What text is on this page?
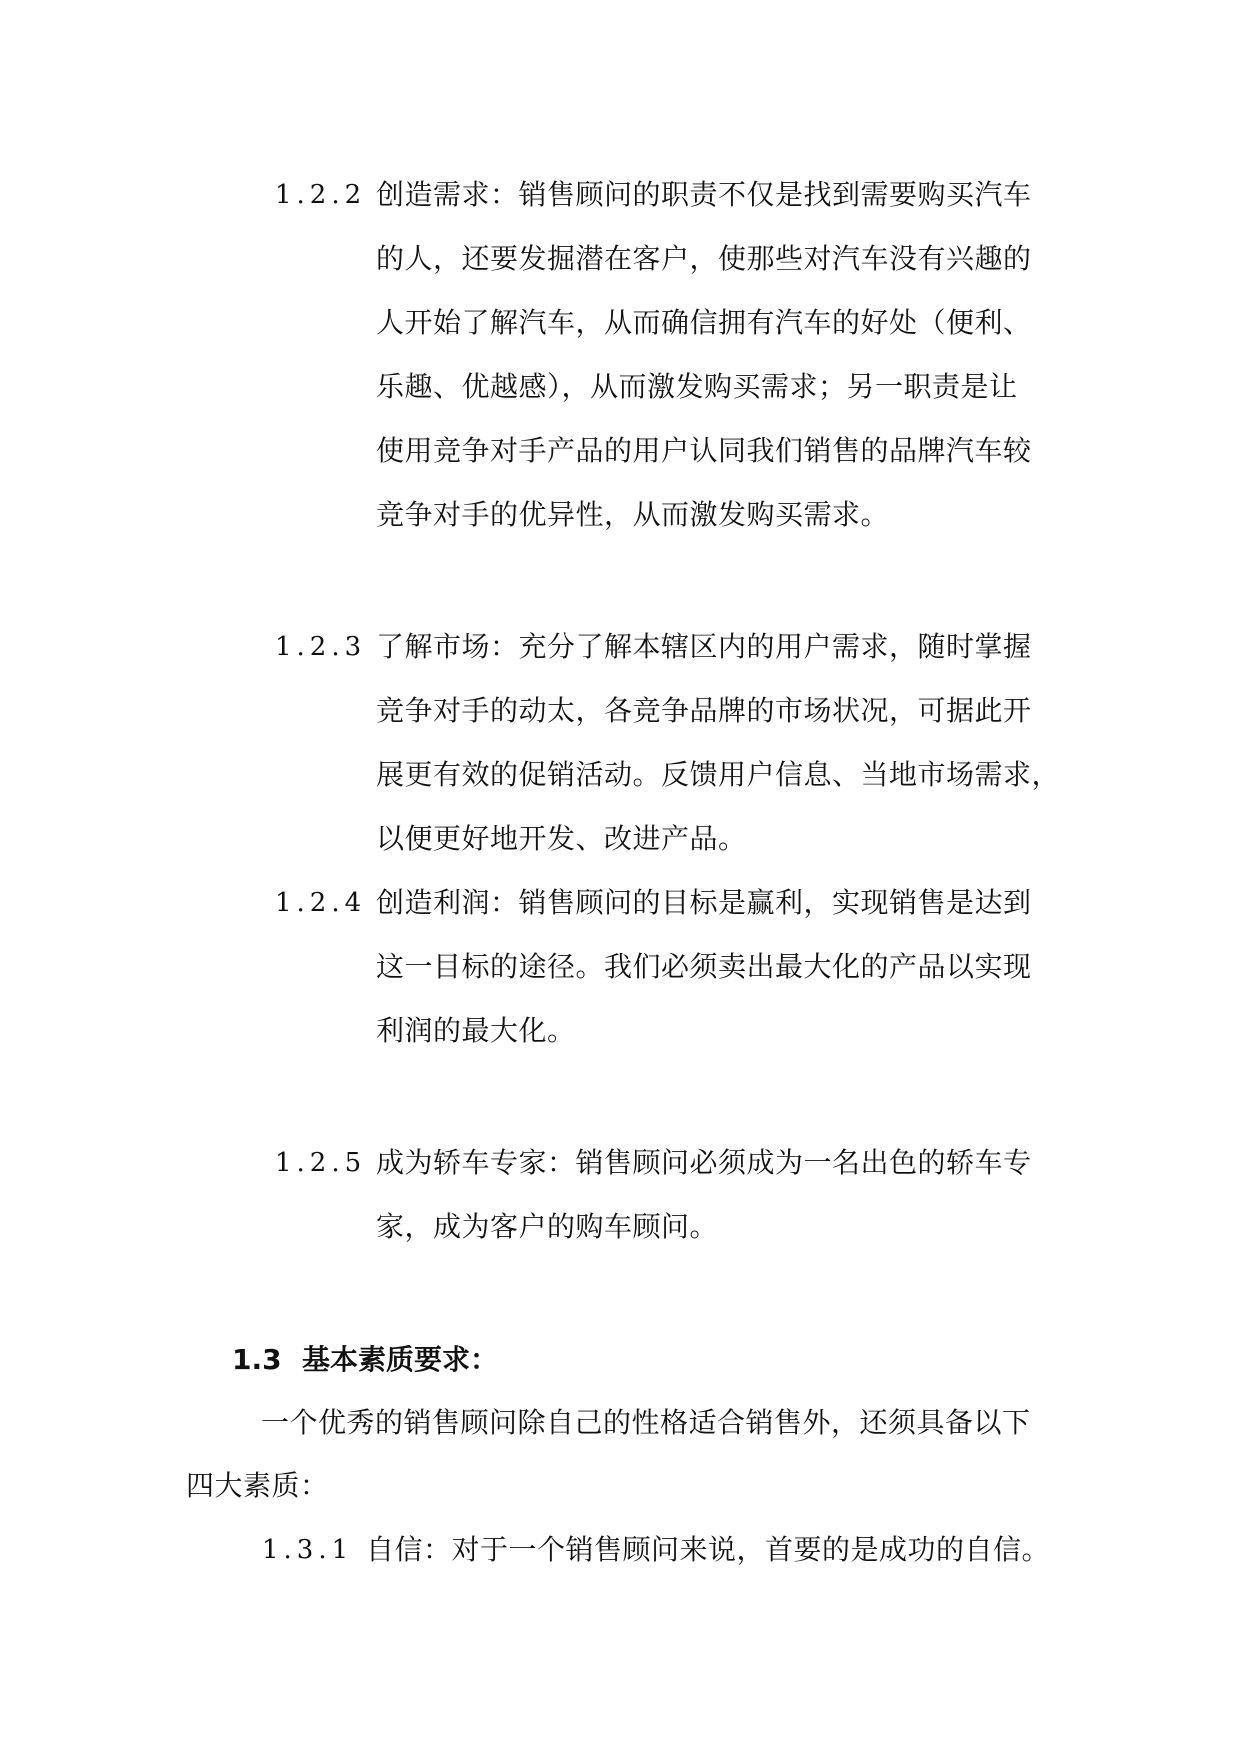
1.2.2 创造需求：销售顾问的职责不仅是找到需要购买汽车
的人，还要发掘潜在客户，使那些对汽车没有兴趣的
人开始了解汽车，从而确信拥有汽车的好处（便利、
乐趣、优越感），从而激发购买需求；另一职责是让
使用竞争对手产品的用户认同我们销售的品牌汽车较
竞争对手的优异性，从而激发购买需求。
1.2.3 了解市场：充分了解本辖区内的用户需求，随时掌握
竞争对手的动太，各竞争品牌的市场状况，可据此开
展更有效的促销活动。反馈用户信息、当地市场需求，
以便更好地开发、改进产品。
1.2.4 创造利润：销售顾问的目标是赢利，实现销售是达到
这一目标的途径。我们必须卖出最大化的产品以实现
利润的最大化。
1.2.5 成为轿车专家：销售顾问必须成为一名出色的轿车专
家，成为客户的购车顾问。
1.3 基本素质要求：
一个优秀的销售顾问除自己的性格适合销售外，还须具备以下
四大素质：
1.3.1 自信：对于一个销售顾问来说，首要的是成功的自信。
